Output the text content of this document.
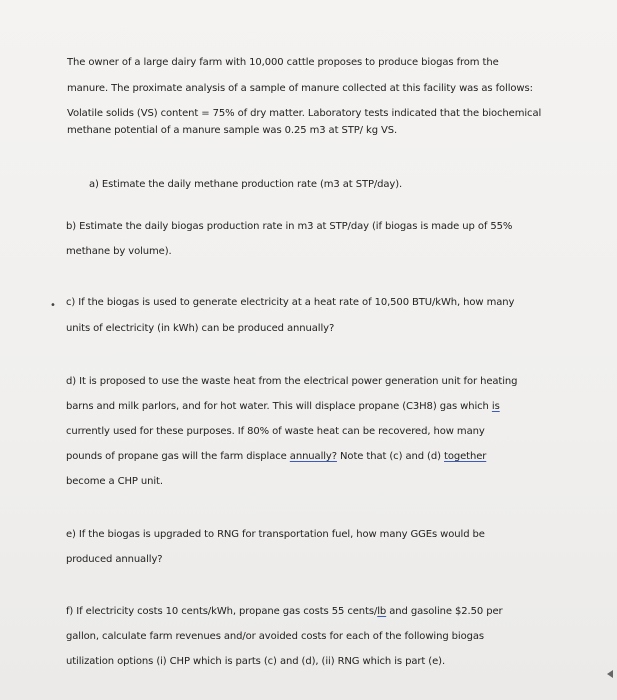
The owner of a large dairy farm with 10,000 cattle proposes to produce biogas from the
manure. The proximate analysis of a sample of manure collected at this facility was as follows:
Volatile solids (VS) content = 75% of dry matter. Laboratory tests indicated that the biochemical
methane potential of a manure sample was 0.25 m3 at STP/ kg VS.
a) Estimate the daily methane production rate (m3 at STP/day).
b) Estimate the daily biogas production rate in m3 at STP/day (if biogas is made up of 55%
methane by volume).
• c) If the biogas is used to generate electricity at a heat rate of 10,500 BTU/kWh, how many
units of electricity (in kWh) can be produced annually?
d) It is proposed to use the waste heat from the electrical power generation unit for heating
barns and milk parlors, and for hot water. This will displace propane (C3H8) gas which is
currently used for these purposes. If 80% of waste heat can be recovered, how many
pounds of propane gas will the farm displace annually? Note that (c) and (d) together
become a CHP unit.
e) If the biogas is upgraded to RNG for transportation fuel, how many GGEs would be
produced annually?
f) If electricity costs 10 cents/kWh, propane gas costs 55 cents/lb and gasoline $2.50 per
gallon, calculate farm revenues and/or avoided costs for each of the following biogas
utilization options (i) CHP which is parts (c) and (d), (ii) RNG which is part (e).
